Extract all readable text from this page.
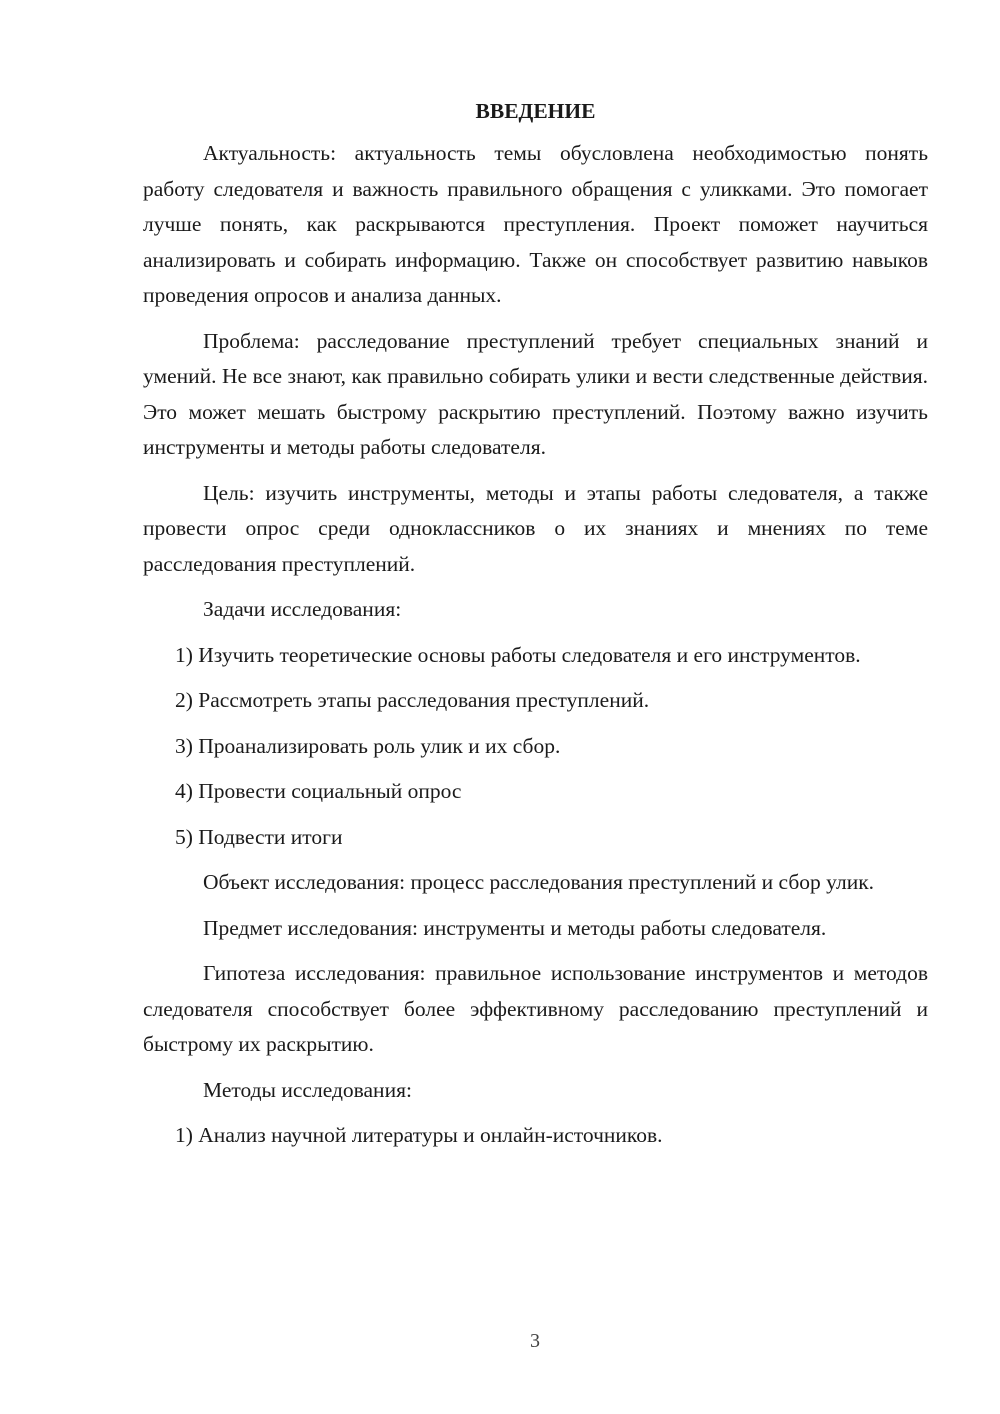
ВВЕДЕНИЕ

Актуальность: актуальность темы обусловлена необходимостью понять работу следователя и важность правильного обращения с уликками. Это помогает лучше понять, как раскрываются преступления. Проект поможет научиться анализировать и собирать информацию. Также он способствует развитию навыков проведения опросов и анализа данных.

Проблема: расследование преступлений требует специальных знаний и умений. Не все знают, как правильно собирать улики и вести следственные действия. Это может мешать быстрому раскрытию преступлений. Поэтому важно изучить инструменты и методы работы следователя.

Цель: изучить инструменты, методы и этапы работы следователя, а также провести опрос среди одноклассников о их знаниях и мнениях по теме расследования преступлений.

Задачи исследования:

1) Изучить теоретические основы работы следователя и его инструментов.

2) Рассмотреть этапы расследования преступлений.

3) Проанализировать роль улик и их сбор.

4) Провести социальный опрос

5) Подвести итоги

Объект исследования: процесс расследования преступлений и сбор улик.

Предмет исследования: инструменты и методы работы следователя.

Гипотеза исследования: правильное использование инструментов и методов следователя способствует более эффективному расследованию преступлений и быстрому их раскрытию.

Методы исследования:

1) Анализ научной литературы и онлайн-источников.

3
